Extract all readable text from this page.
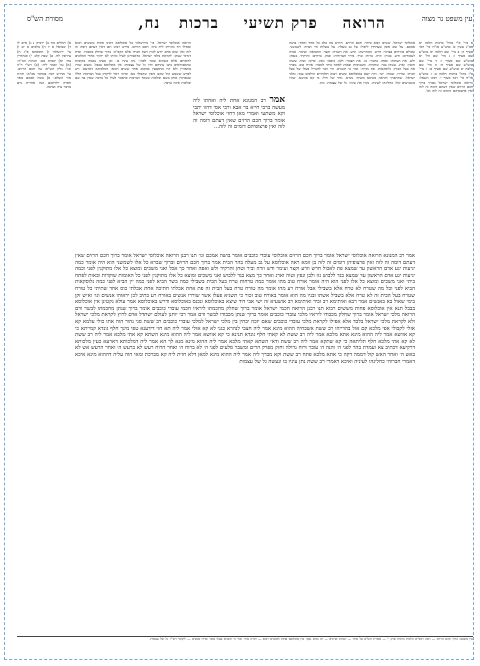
עין משפט נר מצוה
הרואה    פרק תשיעי    ברכות   נח,
מסורת הש"ס
א מיי' פ"י מהל' ברכות הלכה יא סמ"ג עשין כז טוש"ע או"ח סי' רכד סעיף ה: ב מיי' שם הלכה יא טוש"ע שם סעיף ו: ג מיי' שם הל' יא טוש"ע שם סעיף ז: ד מיי' שם טוש"ע שם סעיף ח: ה מיי' שם הלכה יב טוש"ע שם סעיף ט: ו מיי' פ"ו מהל' ברכות הלכה ב: ז טוש"ע או"ח סי' רכד סעיף י: רבינו חננאל: הרואה אוכלוסי ישראל מברך ברוך חכם הרזים שאין דעתם דומה זה לזה ואין פרצופיהם דומים זה לזה וכו'.
אוכלוסי ישראל. ששים רבוא ביחד: חכם הרזים. היודע מה בלב כל אחד ואחד: בושה אמכם. על שם סופן שעתידין ליפול: על גב מעלה. על מעלות הר הבית: לשמשני. שכולם טורחים בצרכי: חרש. המחרשה: וזרע. את השדה: וקצר. התבואה: ועימר. אגדה לעומרים: ודש. בגורן: וזרה. ברוח: וביר. בירר הצרורות: וטחן. ברחים: והרקיד. בנפה: ולש. את העיסה: ואפה. בתנור: גזז. את הצמר: ולבן. כיבסו: ונפץ. סרקו: וטוה. עשהו חוטין: וארג. עשהו בגד: שוקדות. משכימות ובאות לפתח ביתי למכור: אורח טוב. מברך את בעל הבית: גלוסקאות. פת נקייה: זכור כי תשגיא. הוי זוכר להגדיל פעלו של בעל הבית: שוררו. שבחו: ישי. היה יוצא באוכלוסא ששים רבוא תלמידים הולכים עמו: מלכי ישראל. שתתברך ותראה כשיבא משיח: גונדא. גדוד של חיל: כי קא אוושא. שהיו משמיעים קול: כחלינהו לעיניה. נקרו את עיניו: גל של עצמות. מת.
הרואה אוכלוסי ישראל. פי' בירושלמי כל אוכלוסא דאינו פחות מששים רבוא ואפילו חד מינייהו לית ביה: חכם הרזים. פירש רבינו תם דאין דעתם דומה זה לזה ואין שום אדם יודע לכוין דעת חבירו אלא הקב"ה: ברוך שחלק מכבודו. ואית דגרסי שנתן: לקראת מלכי ישראל. כדאמרינן לעיל ומיהו לא יחזור אחרי המלכים לראותם אלא כשהוא עובר לפניו: נתן עיניו בו. וכן מצינו בכמה מקומות שהאמוראים נתנו עיניהם והיו גל של עצמות: אין אוכלוסא בבבל. משום שהיו מתפזרין ולא היו מתקבצין במקום אחד ששים רבוא: דמלכותא דארעא. ויש לפרש ששמע קול שקט והבין שהמלך בא: ומיהו ראוי לדקדק בכל הברכות הללו שמברכין אותן בשם ומלכות כשאר הברכות כדאמר לעיל כל ברכה שאין בה שם ומלכות אינה ברכה.
א) תהלים מח ב) ירמיה נ ג) איוב לו ד) שמואל א יז ה) מלכים א יט ו) עי' ירושלמי ז) תוספתא פ"ז ח) עירובין לח. ט) שבת קלג: י) סנהדרין צח: יא) יבמות מט: הגהות הב"ח: (א) גמ' ואמר ליה: (ב) רש"י ד"ה וכו': גליון הש"ס: גמ' חכם הרזים. עי' מדרש רבה במדבר פכ"א: תורה אור השלם: א) בשה אמכם מאד חפרה יולדתכם הנה אחרית גוים מדבר ציה וערבה.
אמר רב המנונא אחת ליה ואחתו ליה מעשה ברבי חייא בר אבא ורבי אסי דהוו יתבי וקא משתעי ואמרי מאן דחזי אוכלוסי ישראל אומר ברוך חכם הרזים שאין דעתם דומה זה לזה ואין פרצופיהם דומים זה לזה...
אמר רב המנונא הרואה אוכלוסי ישראל אומר ברוך חכם הרזים אוכלוסי עובדי כוכבים אומר בושה אמכם וגו׳ תנו רבנן הרואה אוכלוסי ישראל אומר ברוך חכם הרזים שאין דעתם דומה זה לזה ואין פרצופיהן דומים זה לזה בן זומא ראה אוכלוסא על גב מעלה בהר הבית אמר ברוך חכם הרזים וברוך שברא כל אלו לשמשני הוא היה אומר כמה יגיעות יגע אדם הראשון עד שמצא פת לאכול חרש וזרע וקצר ועימר ודש וזרה וביר וטחן והרקיד ולש ואפה ואחר כך אכל ואני משכים ומוצא כל אלו מתוקנין לפני וכמה יגיעות יגע אדם הראשון עד שמצא בגד ללבוש גזז ולבן ונפץ וטוה וארג ואחר כך מצא בגד ללבוש ואני משכים ומוצא כל אלו מתוקנין לפני כל האומות שוקדות ובאות לפתח ביתי ואני משכים ומוצא כל אלו לפני הוא היה אומר אורח טוב מהו אומר כמה טרחות טרח בעל הבית בשבילי כמה בשר הביא לפני כמה יין הביא לפני כמה גלוסקאות הביא לפני וכל מה שטרח לא טרח אלא בשבילי אבל אורח רע מהו אומר מה טורח טרח בעל הבית זה פת אחת אכלתי חתיכה אחת אכלתי כוס אחד שתיתי כל טורח שטרח בעל הבית זה לא טרח אלא בשביל אשתו ובניו מה הוא אומר באורח טוב זכור כי תשגיא פעלו אשר שוררו אנשים באורח רע כתיב לכן יראוהו אנשים וגו׳ ואיש זקן בימי שאול בא באנשים אמר רבא ואיתימא רב זביד ואיתימא רב אושעיא זה ישי אבי דוד שיצא באוכלוסא ונכנס באוכלוסא ודרש באוכלוסא אמר עולא נקטינן אין אוכלוסא בבבל תנא אין אוכלוסא פחות מששים רבוא תנו רבנן הרואה חכמי ישראל אומר ברוך שחלק מחכמתו ליראיו חכמי עובדי כוכבים אומר ברוך שנתן מחכמתו לבשר ודם הרואה מלכי ישראל אומר ברוך שחלק מכבודו ליראיו מלכי עובדי כוכבים אומר ברוך שנתן מכבודו לבשר ודם אמר רבי יוחנן לעולם ישתדל אדם לרוץ לקראת מלכי ישראל ולא לקראת מלכי ישראל בלבד אלא אפילו לקראת מלכי עובדי כוכבים שאם יזכה יבחין בין מלכי ישראל למלכי עובדי כוכבים רב ששת סגי נהור הוה אתו כולי עלמא קא אזלי לקבולי אפי מלכא קם אזל בהדייהו רב ששת אשכחיה ההוא מינא אמר ליה חצבי לנהרא כגני לא קא אזלי אמר ליה תא חזי דידענא טפי מינך חלף גונדא קמייתא כי קא אוושא אמר ליה ההוא מינא אתא מלכא אמר ליה רב ששת לא קאתי חלף גונדא תנינא כי קא אוושא אמר ליה ההוא מינא השתא קא אתי מלכא אמר ליה רב ששת לא קא אתי מלכא חלף תליתאה כי קא שתקא אמר ליה רב ששת ודאי השתא קאתי מלכא אמר ליה ההוא מינא מנא לך הא אמר ליה דמלכותא דארעא כעין מלכותא דרקיעא דכתיב צא ועמדת בהר לפני ה׳ והנה ה׳ עובר ורוח גדולה וחזק מפרק הרים ומשבר סלעים לפני ה׳ לא ברוח ה׳ ואחר הרוח רעש לא ברעש ה׳ ואחר הרעש אש לא באש ה׳ ואחר האש קול דממה דקה כי אתא מלכא פתח רב ששת וקא מברך ליה אמר ליה ההוא מינא למאן דלא חזית ליה קא מברכת ומאי הוה עליה דההוא מינא איכא דאמרי חברוהי כחלינהו לעיניה ואיכא דאמרי רב ששת נתן עיניו בו ונעשה גל של עצמות
עין משפט: ברוך חכם הרזים — ראה רמב"ם הלכות ברכות פרק י' — מסורת הש"ס על אתר — הגהות וציונים — רב נסים גאון: אין אוכלוסא פחות מששים רבוא — תורה אור: זכור כי תשגיא פעלו אשר שררו אנשים — ליקוטי רש"י: גל של עצמות.
